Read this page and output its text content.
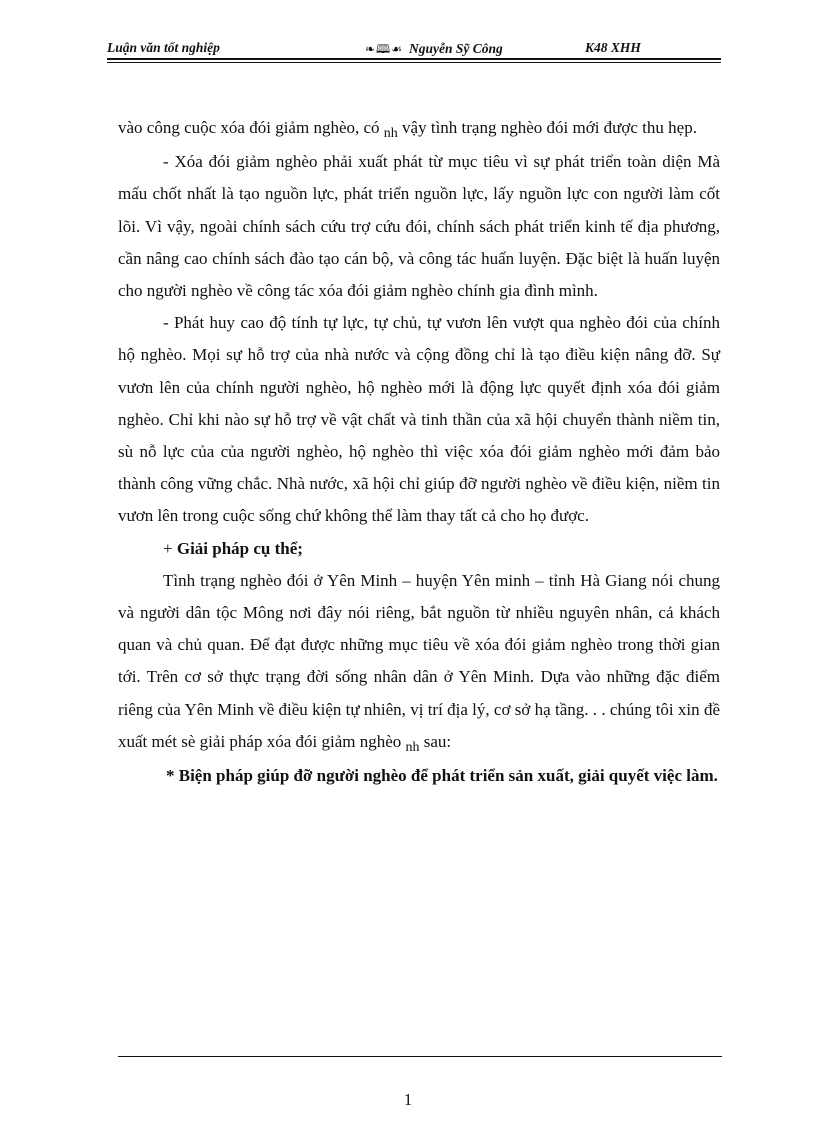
Luận văn tốt nghiệp	❧🕮☙ Nguyễn Sỹ Công	K48 XHH

vào công cuộc xóa đói giảm nghèo, có $_{nh}$ vậy tình trạng nghèo đói mới được thu hẹp.

- Xóa đói giảm nghèo phải xuất phát từ mục tiêu vì sự phát triển toàn diện Mà mấu chốt nhất là tạo nguồn lực, phát triển nguồn lực, lấy nguồn lực con người làm cốt lõi. Vì vậy, ngoài chính sách cứu trợ cứu đói, chính sách phát triển kinh tế địa phương, cần nâng cao chính sách đào tạo cán bộ, và công tác huấn luyện. Đặc biệt là huấn luyện cho người nghèo về công tác xóa đói giảm nghèo chính gia đình mình.

- Phát huy cao độ tính tự lực, tự chủ, tự vươn lên vượt qua nghèo đói của chính hộ nghèo. Mọi sự hỗ trợ của nhà nước và cộng đồng chỉ là tạo điều kiện nâng đỡ. Sự vươn lên của chính người nghèo, hộ nghèo mới là động lực quyết định xóa đói giảm nghèo. Chỉ khi nào sự hỗ trợ về vật chất và tinh thần của xã hội chuyển thành niềm tin, sù nỗ lực của của người nghèo, hộ nghèo thì việc xóa đói giảm nghèo mới đảm bảo thành công vững chắc. Nhà nước, xã hội chỉ giúp đỡ người nghèo về điều kiện, niềm tin vươn lên trong cuộc sống chứ không thể làm thay tất cả cho họ được.

+ Giải pháp cụ thể;

Tình trạng nghèo đói ở Yên Minh – huyện Yên minh – tỉnh Hà Giang nói chung và người dân tộc Mông nơi đây nói riêng, bắt nguồn từ nhiều nguyên nhân, cả khách quan và chủ quan. Để đạt được những mục tiêu về xóa đói giảm nghèo trong thời gian tới. Trên cơ sở thực trạng đời sống nhân dân ở Yên Minh. Dựa vào những đặc điểm riêng của Yên Minh về điều kiện tự nhiên, vị trí địa lý, cơ sở hạ tầng. . . chúng tôi xin đề xuất mét sè giải pháp xóa đói giảm nghèo $_{nh}$ sau:

* Biện pháp giúp đỡ người nghèo để phát triển sản xuất, giải quyết việc làm.

1
